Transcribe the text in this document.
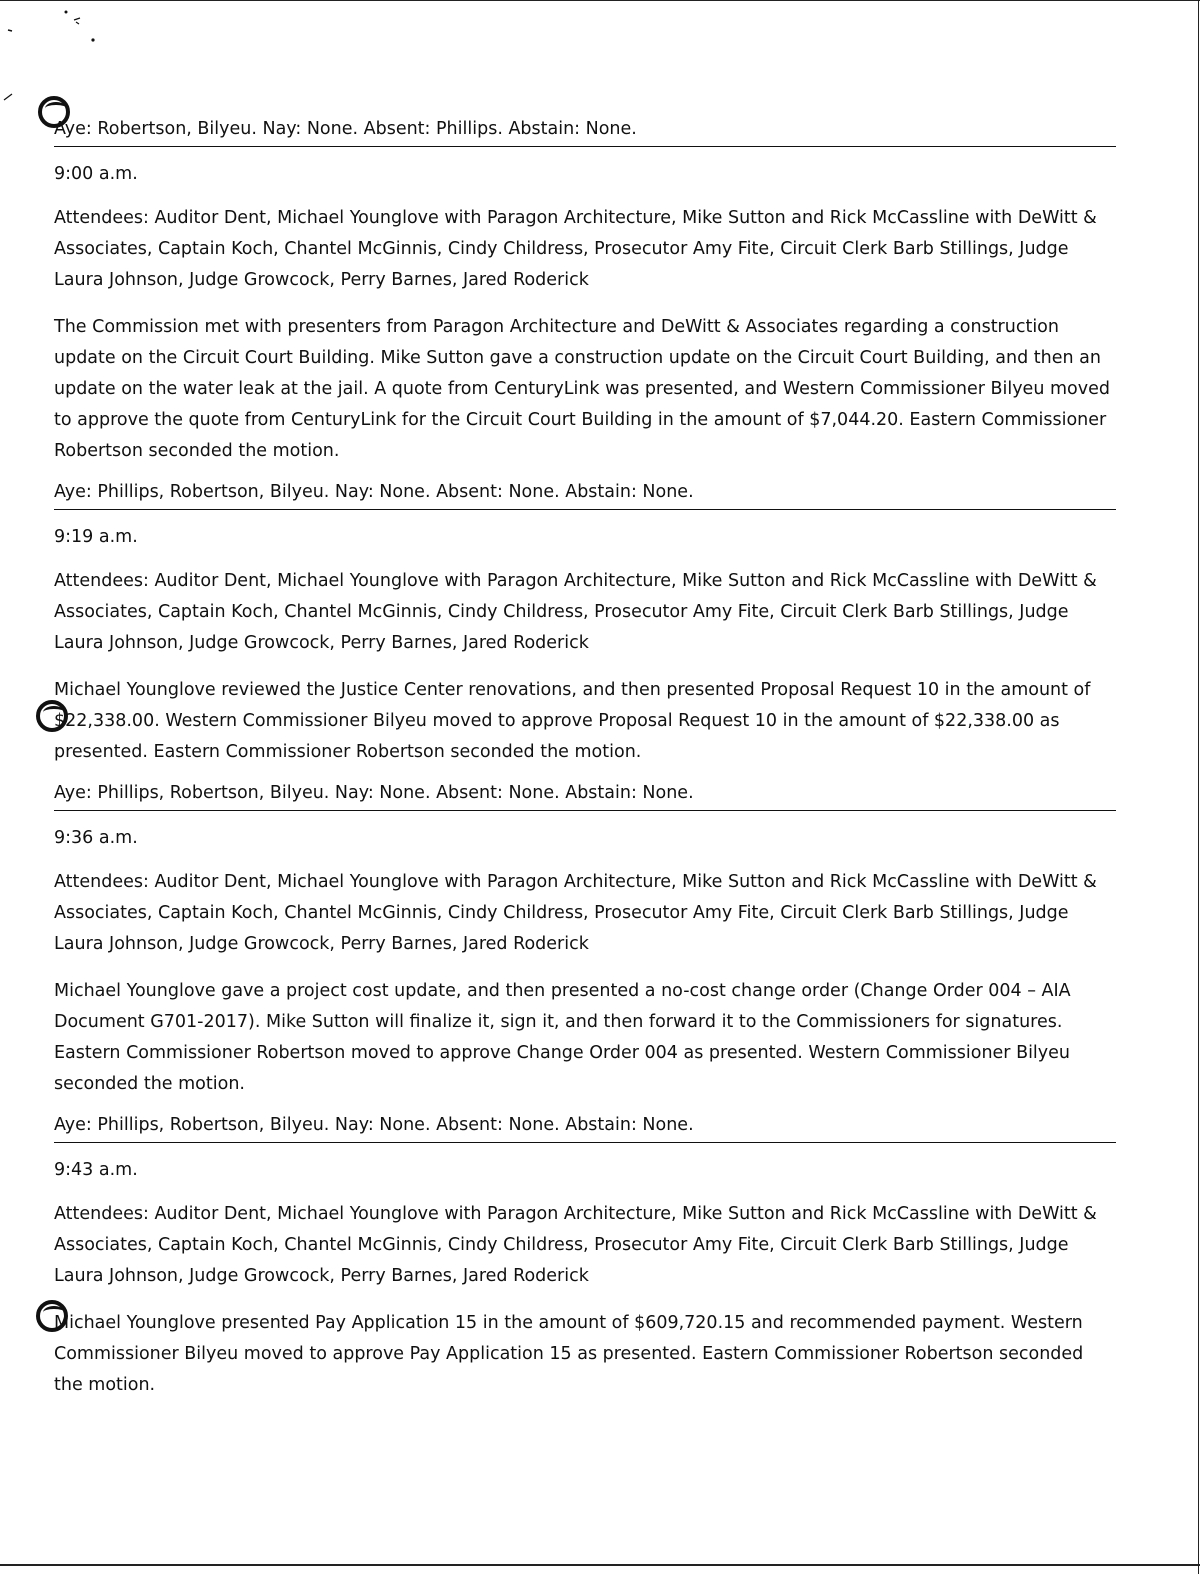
Aye: Robertson, Bilyeu. Nay: None. Absent: Phillips. Abstain: None.
9:00 a.m.
Attendees: Auditor Dent, Michael Younglove with Paragon Architecture, Mike Sutton and Rick McCassline with DeWitt & Associates, Captain Koch, Chantel McGinnis, Cindy Childress, Prosecutor Amy Fite, Circuit Clerk Barb Stillings, Judge Laura Johnson, Judge Growcock, Perry Barnes, Jared Roderick
The Commission met with presenters from Paragon Architecture and DeWitt & Associates regarding a construction update on the Circuit Court Building. Mike Sutton gave a construction update on the Circuit Court Building, and then an update on the water leak at the jail. A quote from CenturyLink was presented, and Western Commissioner Bilyeu moved to approve the quote from CenturyLink for the Circuit Court Building in the amount of $7,044.20. Eastern Commissioner Robertson seconded the motion.
Aye: Phillips, Robertson, Bilyeu. Nay: None. Absent: None. Abstain: None.
9:19 a.m.
Attendees: Auditor Dent, Michael Younglove with Paragon Architecture, Mike Sutton and Rick McCassline with DeWitt & Associates, Captain Koch, Chantel McGinnis, Cindy Childress, Prosecutor Amy Fite, Circuit Clerk Barb Stillings, Judge Laura Johnson, Judge Growcock, Perry Barnes, Jared Roderick
Michael Younglove reviewed the Justice Center renovations, and then presented Proposal Request 10 in the amount of $22,338.00. Western Commissioner Bilyeu moved to approve Proposal Request 10 in the amount of $22,338.00 as presented. Eastern Commissioner Robertson seconded the motion.
Aye: Phillips, Robertson, Bilyeu. Nay: None. Absent: None. Abstain: None.
9:36 a.m.
Attendees: Auditor Dent, Michael Younglove with Paragon Architecture, Mike Sutton and Rick McCassline with DeWitt & Associates, Captain Koch, Chantel McGinnis, Cindy Childress, Prosecutor Amy Fite, Circuit Clerk Barb Stillings, Judge Laura Johnson, Judge Growcock, Perry Barnes, Jared Roderick
Michael Younglove gave a project cost update, and then presented a no-cost change order (Change Order 004 – AIA Document G701-2017). Mike Sutton will finalize it, sign it, and then forward it to the Commissioners for signatures. Eastern Commissioner Robertson moved to approve Change Order 004 as presented. Western Commissioner Bilyeu seconded the motion.
Aye: Phillips, Robertson, Bilyeu. Nay: None. Absent: None. Abstain: None.
9:43 a.m.
Attendees: Auditor Dent, Michael Younglove with Paragon Architecture, Mike Sutton and Rick McCassline with DeWitt & Associates, Captain Koch, Chantel McGinnis, Cindy Childress, Prosecutor Amy Fite, Circuit Clerk Barb Stillings, Judge Laura Johnson, Judge Growcock, Perry Barnes, Jared Roderick
Michael Younglove presented Pay Application 15 in the amount of $609,720.15 and recommended payment. Western Commissioner Bilyeu moved to approve Pay Application 15 as presented. Eastern Commissioner Robertson seconded the motion.
